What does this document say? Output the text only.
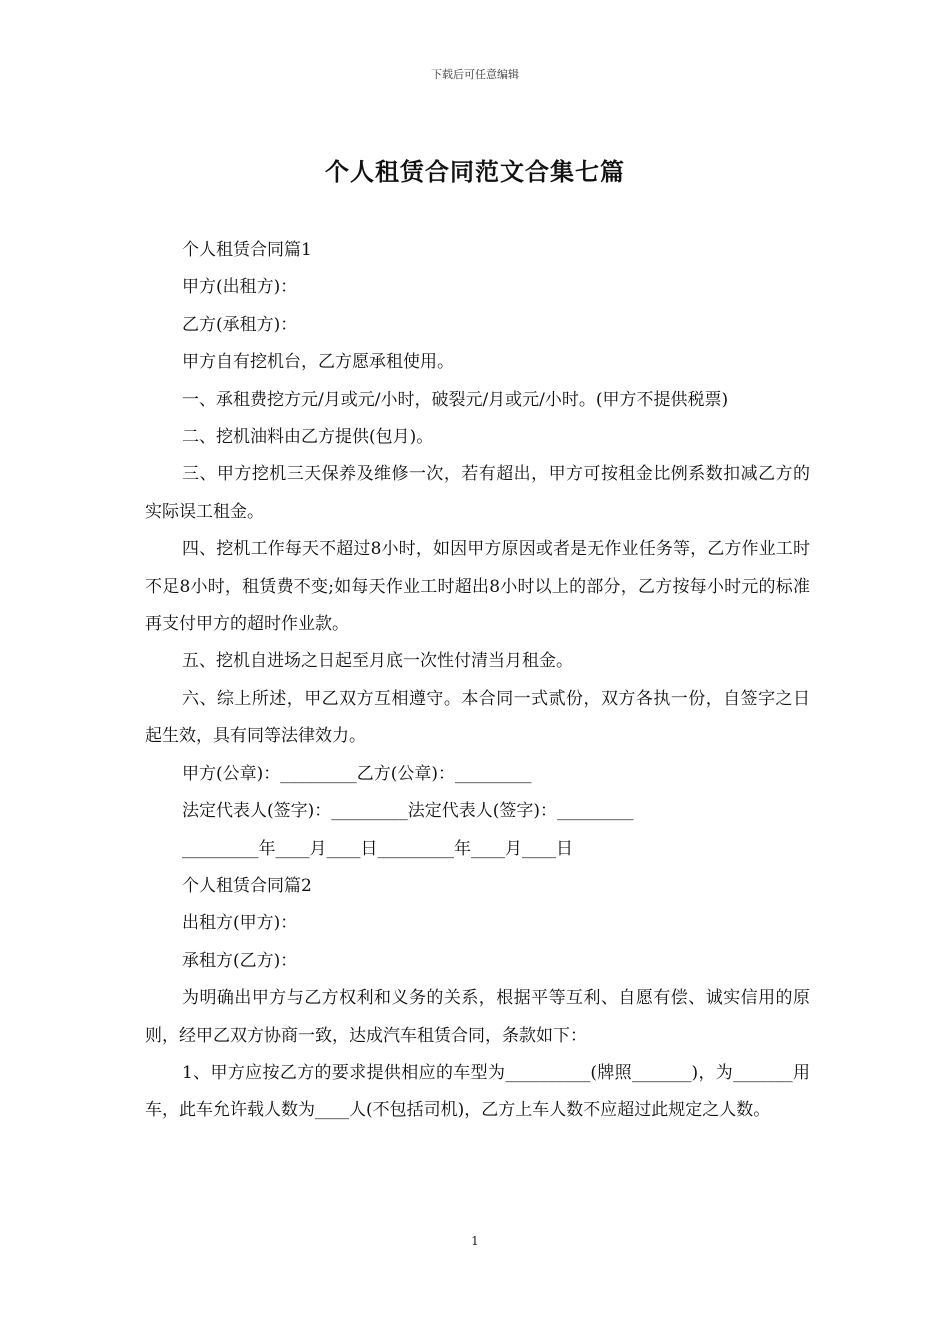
下载后可任意编辑
个人租赁合同范文合集七篇

个人租赁合同篇1

甲方(出租方)：

乙方(承租方)：

甲方自有挖机台，乙方愿承租使用。

一、承租费挖方元/月或元/小时，破裂元/月或元/小时。(甲方不提供税票)

二、挖机油料由乙方提供(包月)。

三、甲方挖机三天保养及维修一次，若有超出，甲方可按租金比例系数扣减乙方的实际误工租金。

四、挖机工作每天不超过8小时，如因甲方原因或者是无作业任务等，乙方作业工时不足8小时，租赁费不变;如每天作业工时超出8小时以上的部分，乙方按每小时元的标准再支付甲方的超时作业款。

五、挖机自进场之日起至月底一次性付清当月租金。

六、综上所述，甲乙双方互相遵守。本合同一式贰份，双方各执一份，自签字之日起生效，具有同等法律效力。

甲方(公章)：_________乙方(公章)：_________

法定代表人(签字)：_________法定代表人(签字)：_________

_________年____月____日_________年____月____日

个人租赁合同篇2

出租方(甲方)：

承租方(乙方)：

为明确出甲方与乙方权利和义务的关系，根据平等互利、自愿有偿、诚实信用的原则，经甲乙双方协商一致，达成汽车租赁合同，条款如下：

1、甲方应按乙方的要求提供相应的车型为__________(牌照_______)，为_______用车，此车允许载人数为____人(不包括司机)，乙方上车人数不应超过此规定之人数。

1
